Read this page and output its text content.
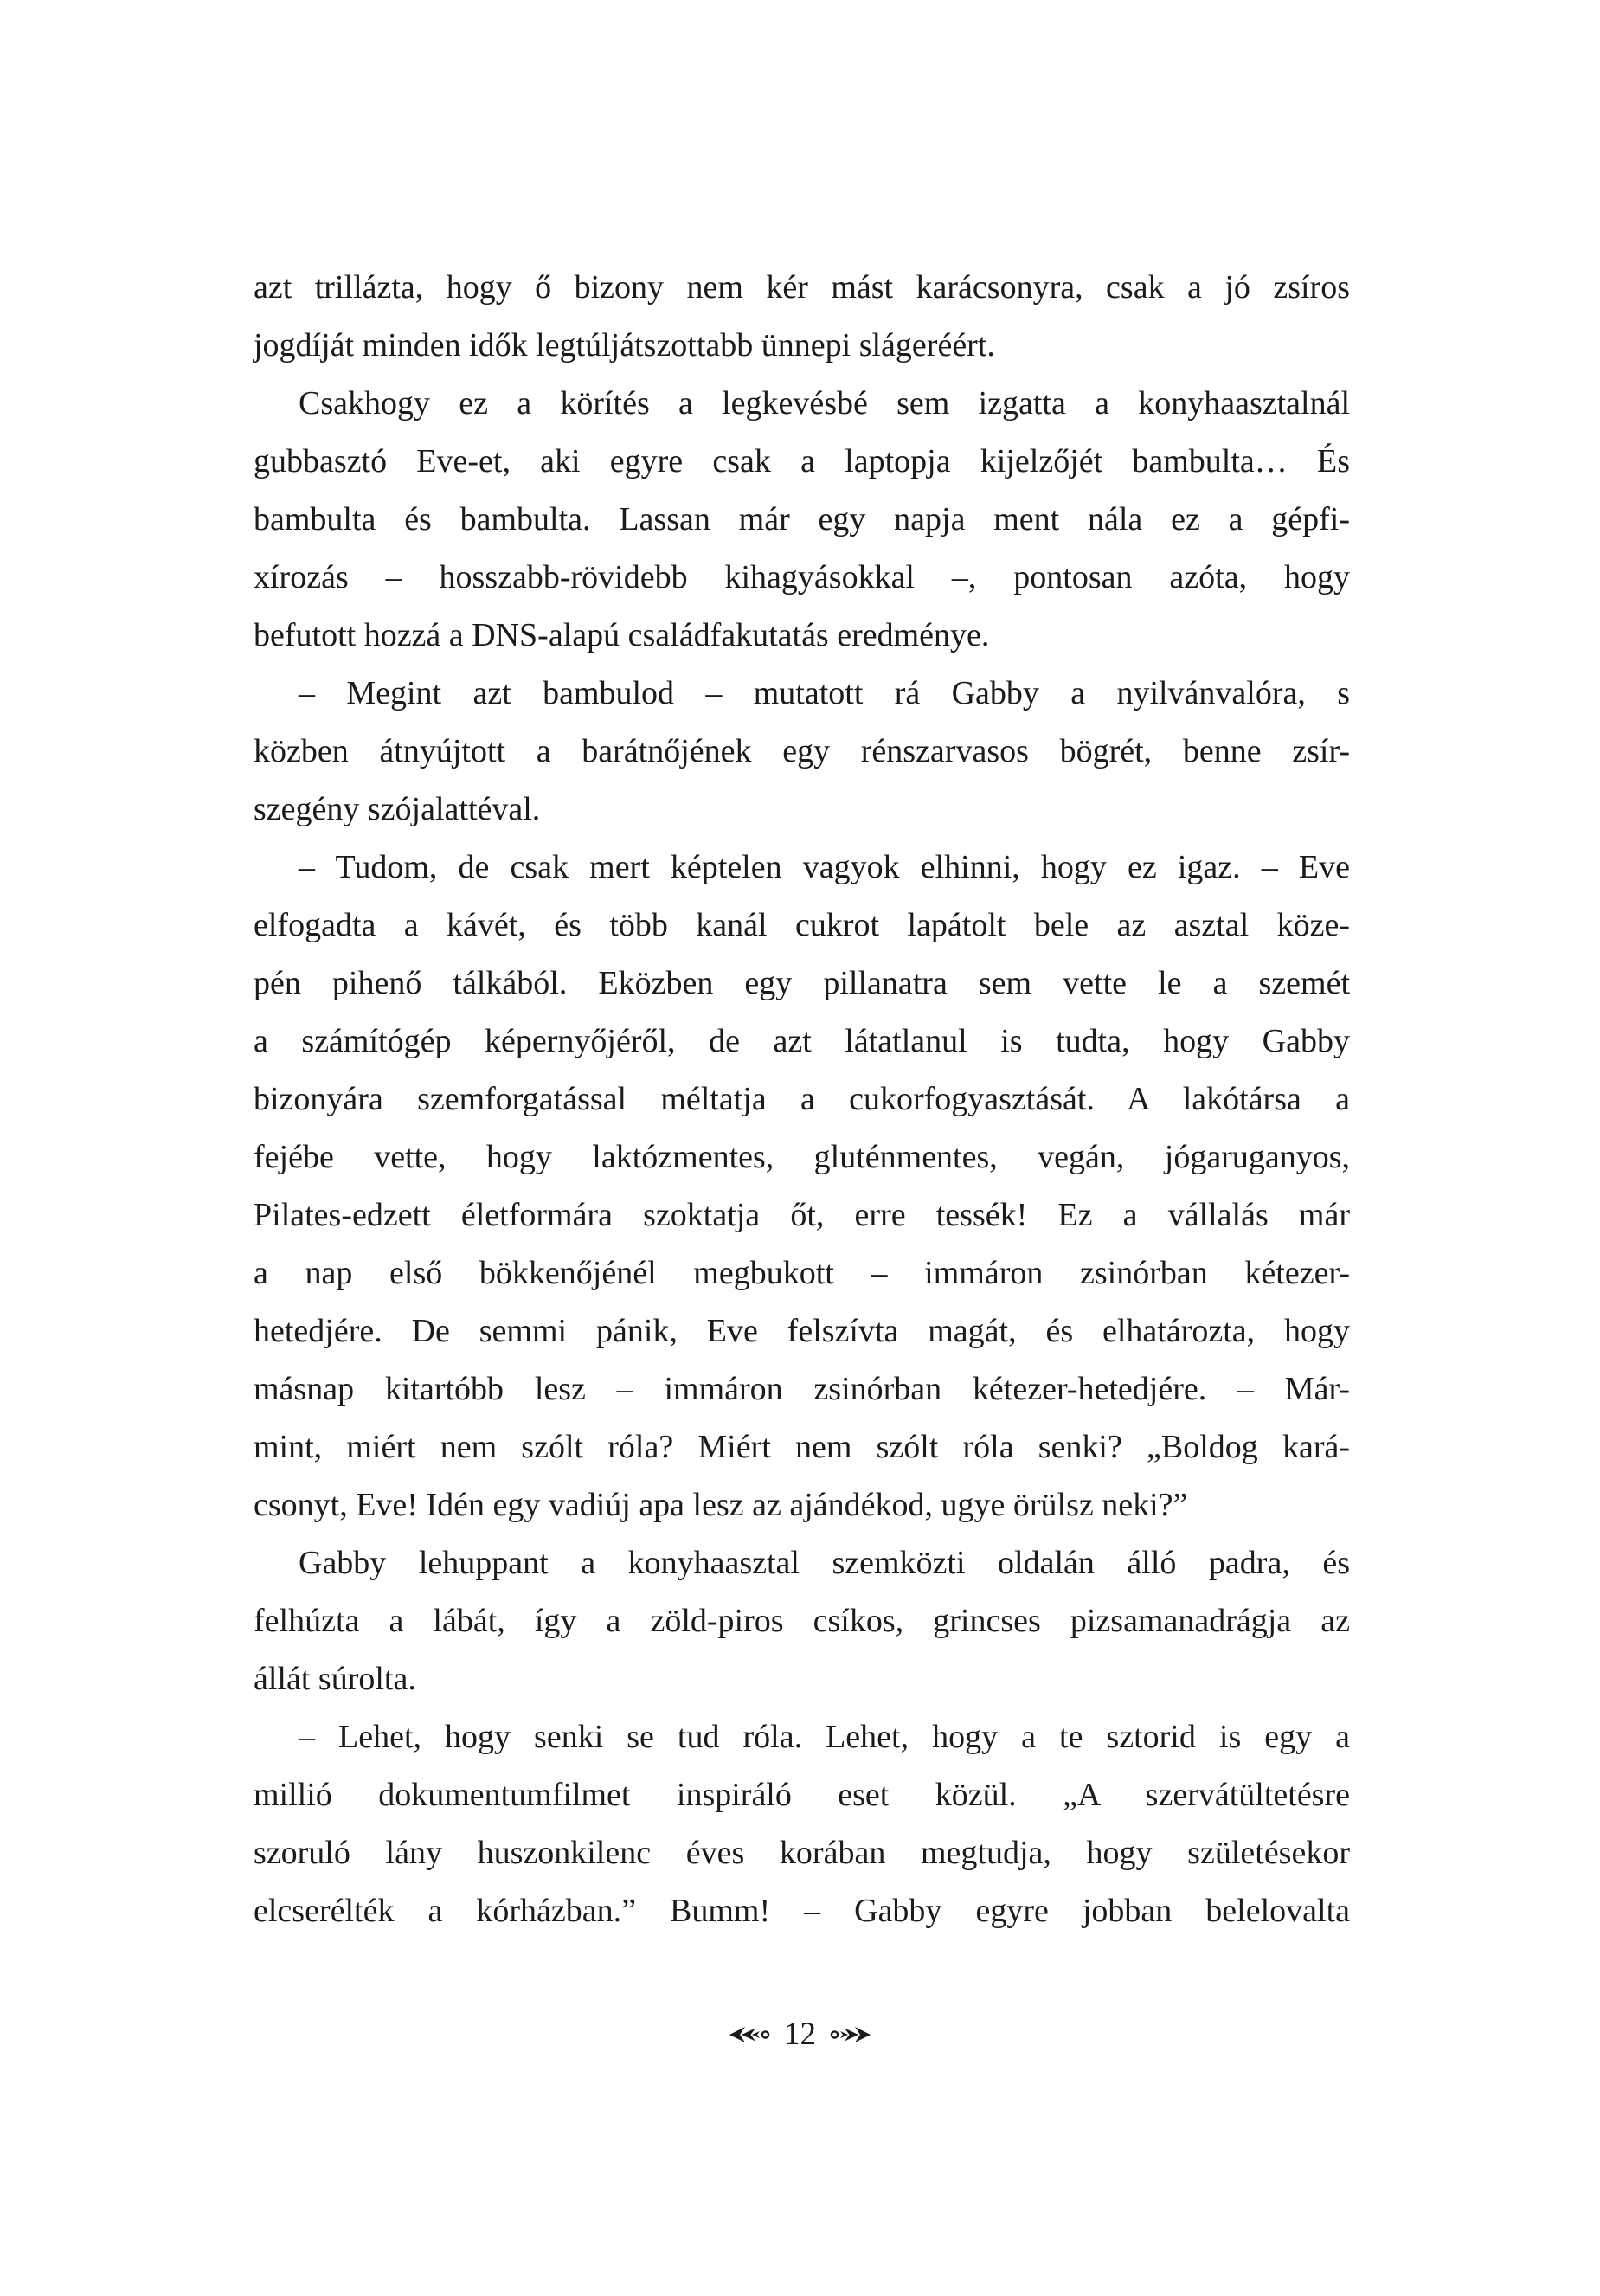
azt trillázta, hogy ő bizony nem kér mást karácsonyra, csak a jó zsíros
jogdíját minden idők legtúljátszottabb ünnepi slágeréért.
Csakhogy ez a körítés a legkevésbé sem izgatta a konyhaasztalnál
gubbasztó Eve-et, aki egyre csak a laptopja kijelzőjét bambulta… És
bambulta és bambulta. Lassan már egy napja ment nála ez a gépfi-
xírozás – hosszabb-rövidebb kihagyásokkal –, pontosan azóta, hogy
befutott hozzá a DNS-alapú családfakutatás eredménye.
– Megint azt bambulod – mutatott rá Gabby a nyilvánvalóra, s
közben átnyújtott a barátnőjének egy rénszarvasos bögrét, benne zsír-
szegény szójalattéval.
– Tudom, de csak mert képtelen vagyok elhinni, hogy ez igaz. – Eve
elfogadta a kávét, és több kanál cukrot lapátolt bele az asztal köze-
pén pihenő tálkából. Eközben egy pillanatra sem vette le a szemét
a számítógép képernyőjéről, de azt látatlanul is tudta, hogy Gabby
bizonyára szemforgatással méltatja a cukorfogyasztását. A lakótársa a
fejébe vette, hogy laktózmentes, gluténmentes, vegán, jógaruganyos,
Pilates-edzett életformára szoktatja őt, erre tessék! Ez a vállalás már
a nap első bökkenőjénél megbukott – immáron zsinórban kétezer-
hetedjére. De semmi pánik, Eve felszívta magát, és elhatározta, hogy
másnap kitartóbb lesz – immáron zsinórban kétezer-hetedjére. – Már-
mint, miért nem szólt róla? Miért nem szólt róla senki? „Boldog kará-
csonyt, Eve! Idén egy vadiúj apa lesz az ajándékod, ugye örülsz neki?”
Gabby lehuppant a konyhaasztal szemközti oldalán álló padra, és
felhúzta a lábát, így a zöld-piros csíkos, grincses pizsamanadrágja az
állát súrolta.
– Lehet, hogy senki se tud róla. Lehet, hogy a te sztorid is egy a
millió dokumentumfilmet inspiráló eset közül. „A szervátültetésre
szoruló lány huszonkilenc éves korában megtudja, hogy születésekor
elcserélték a kórházban.” Bumm! – Gabby egyre jobban belelovalta
12
